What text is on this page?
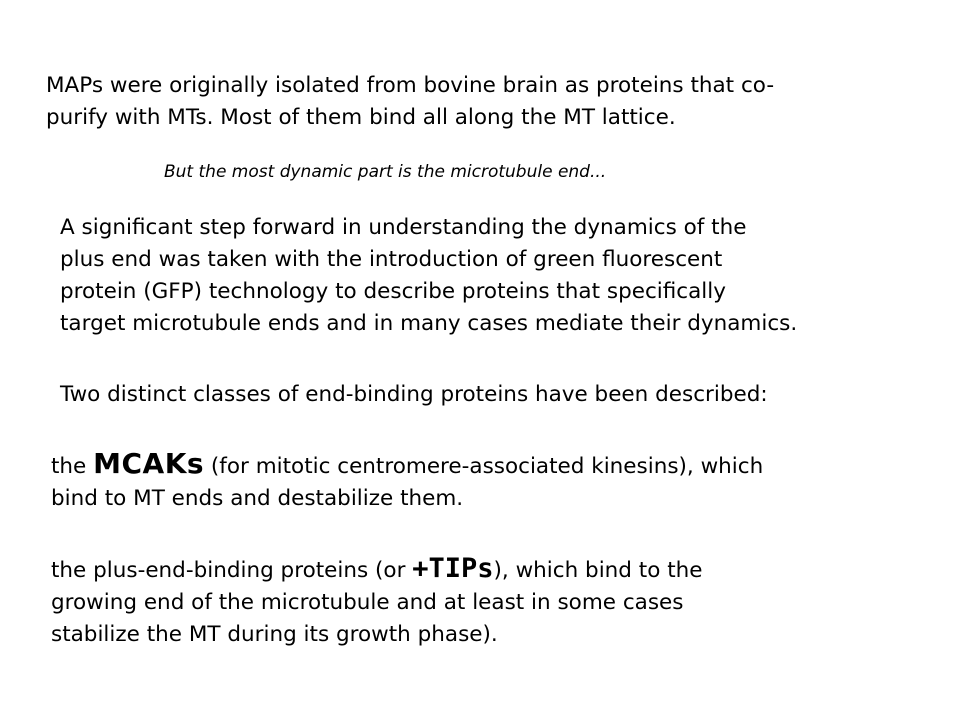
MAPs were originally isolated from bovine brain as proteins that co-
purify with MTs. Most of them bind all along the MT lattice.
But the most dynamic part is the microtubule end...
A significant step forward in understanding the dynamics of the
plus end was taken with the introduction of green fluorescent
protein (GFP) technology to describe proteins that specifically
target microtubule ends and in many cases mediate their dynamics.
Two distinct classes of end-binding proteins have been described:
the MCAKs (for mitotic centromere-associated kinesins), which
bind to MT ends and destabilize them.
the plus-end-binding proteins (or +TIPs), which bind to the
growing end of the microtubule and at least in some cases
stabilize the MT during its growth phase).
